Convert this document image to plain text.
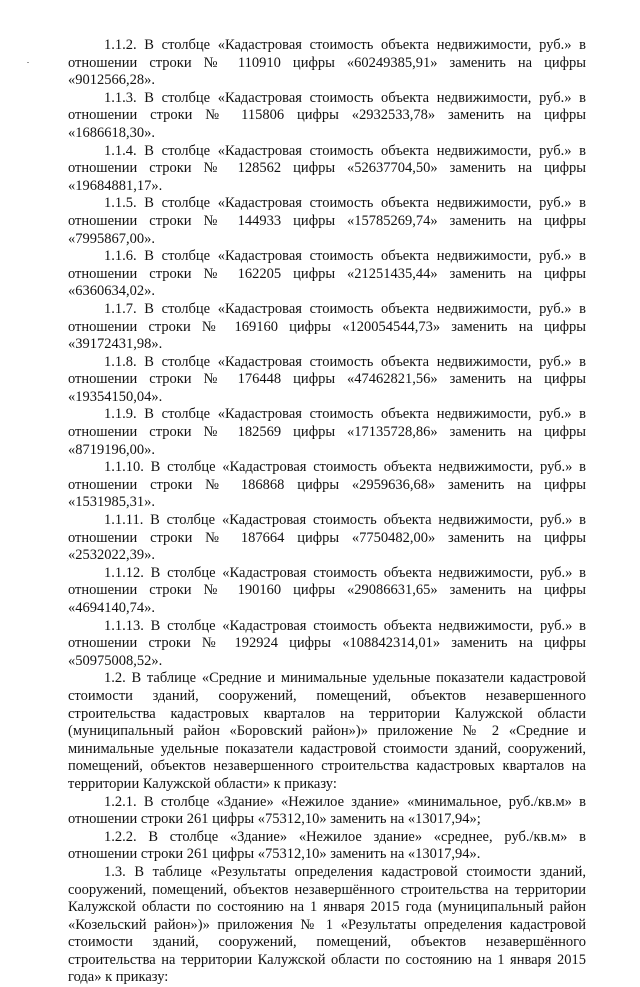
1.1.2. В столбце «Кадастровая стоимость объекта недвижимости, руб.» в отношении строки № 110910 цифры «60249385,91» заменить на цифры «9012566,28».

1.1.3. В столбце «Кадастровая стоимость объекта недвижимости, руб.» в отношении строки № 115806 цифры «2932533,78» заменить на цифры «1686618,30».

1.1.4. В столбце «Кадастровая стоимость объекта недвижимости, руб.» в отношении строки № 128562 цифры «52637704,50» заменить на цифры «19684881,17».

1.1.5. В столбце «Кадастровая стоимость объекта недвижимости, руб.» в отношении строки № 144933 цифры «15785269,74» заменить на цифры «7995867,00».

1.1.6. В столбце «Кадастровая стоимость объекта недвижимости, руб.» в отношении строки № 162205 цифры «21251435,44» заменить на цифры «6360634,02».

1.1.7. В столбце «Кадастровая стоимость объекта недвижимости, руб.» в отношении строки № 169160 цифры «120054544,73» заменить на цифры «39172431,98».

1.1.8. В столбце «Кадастровая стоимость объекта недвижимости, руб.» в отношении строки № 176448 цифры «47462821,56» заменить на цифры «19354150,04».

1.1.9. В столбце «Кадастровая стоимость объекта недвижимости, руб.» в отношении строки № 182569 цифры «17135728,86» заменить на цифры «8719196,00».

1.1.10. В столбце «Кадастровая стоимость объекта недвижимости, руб.» в отношении строки № 186868 цифры «2959636,68» заменить на цифры «1531985,31».

1.1.11. В столбце «Кадастровая стоимость объекта недвижимости, руб.» в отношении строки № 187664 цифры «7750482,00» заменить на цифры «2532022,39».

1.1.12. В столбце «Кадастровая стоимость объекта недвижимости, руб.» в отношении строки № 190160 цифры «29086631,65» заменить на цифры «4694140,74».

1.1.13. В столбце «Кадастровая стоимость объекта недвижимости, руб.» в отношении строки № 192924 цифры «108842314,01» заменить на цифры «50975008,52».

1.2. В таблице «Средние и минимальные удельные показатели кадастровой стоимости зданий, сооружений, помещений, объектов незавершенного строительства кадастровых кварталов на территории Калужской области (муниципальный район «Боровский район»)» приложение № 2 «Средние и минимальные удельные показатели кадастровой стоимости зданий, сооружений, помещений, объектов незавершенного строительства кадастровых кварталов на территории Калужской области» к приказу:

1.2.1. В столбце «Здание» «Нежилое здание» «минимальное, руб./кв.м» в отношении строки 261 цифры «75312,10» заменить на «13017,94»;

1.2.2. В столбце «Здание» «Нежилое здание» «среднее, руб./кв.м» в отношении строки 261 цифры «75312,10» заменить на «13017,94».

1.3. В таблице «Результаты определения кадастровой стоимости зданий, сооружений, помещений, объектов незавершённого строительства на территории Калужской области по состоянию на 1 января 2015 года (муниципальный район «Козельский район»)» приложения № 1 «Результаты определения кадастровой стоимости зданий, сооружений, помещений, объектов незавершённого строительства на территории Калужской области по состоянию на 1 января 2015 года» к приказу:
